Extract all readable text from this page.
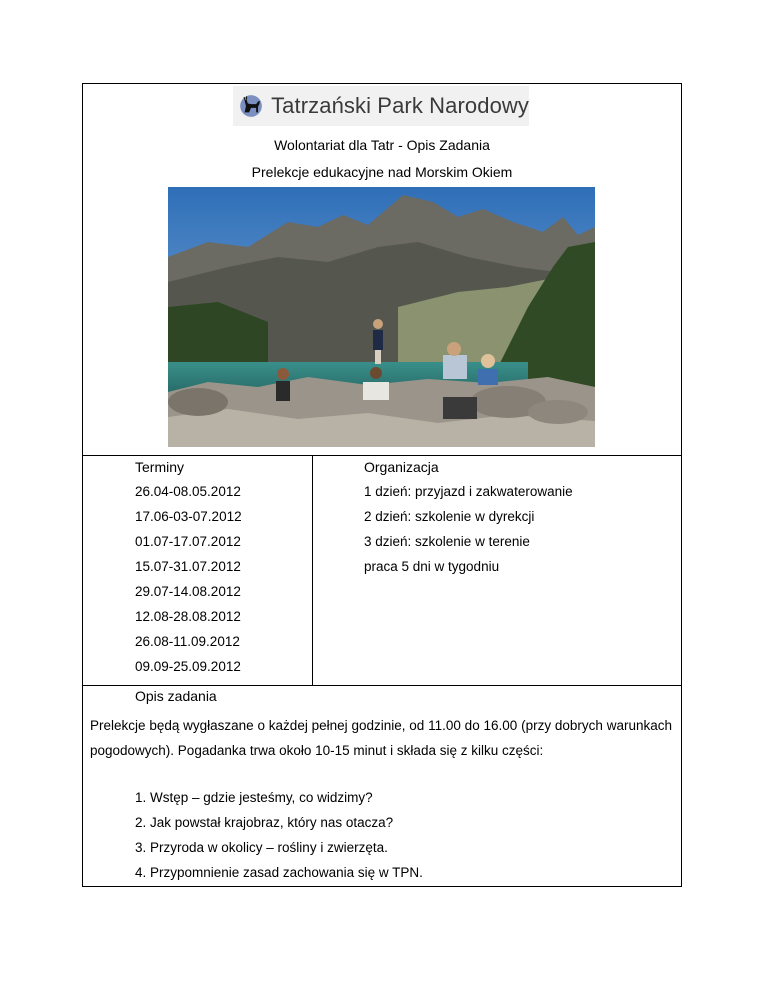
Tatrzański Park Narodowy
Wolontariat dla Tatr - Opis Zadania
Prelekcje edukacyjne nad Morskim Okiem
Terminy	Organizacja
26.04-08.05.2012
17.06-03-07.2012
01.07-17.07.2012
15.07-31.07.2012
29.07-14.08.2012
12.08-28.08.2012
26.08-11.09.2012
09.09-25.09.2012
1 dzień: przyjazd i zakwaterowanie
2 dzień: szkolenie w dyrekcji
3 dzień: szkolenie w terenie
praca 5 dni w tygodniu
Opis zadania
Prelekcje będą wygłaszane o każdej pełnej godzinie, od 11.00 do 16.00 (przy dobrych warunkach pogodowych). Pogadanka trwa około 10-15 minut i składa się z kilku części:
1. Wstęp – gdzie jesteśmy, co widzimy?
2. Jak powstał krajobraz, który nas otacza?
3. Przyroda w okolicy – rośliny i zwierzęta.
4. Przypomnienie zasad zachowania się w TPN.
